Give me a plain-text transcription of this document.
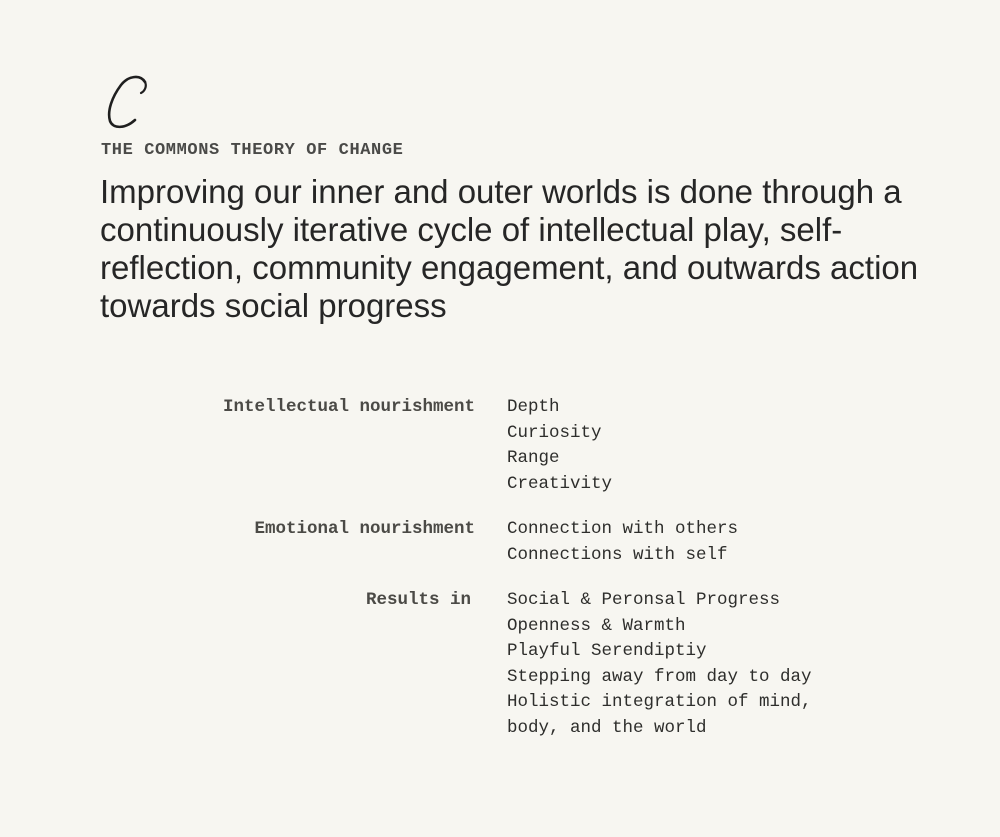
THE COMMONS THEORY OF CHANGE
Improving our inner and outer worlds is done through a continuously iterative cycle of intellectual play, self-reflection, community engagement, and outwards action towards social progress
Intellectual nourishment Depth
Curiosity
Range
Creativity
Emotional nourishment Connection with others
Connections with self
Results in Social & Peronsal Progress
Openness & Warmth
Playful Serendiptiy
Stepping away from day to day
Holistic integration of mind,
body, and the world
